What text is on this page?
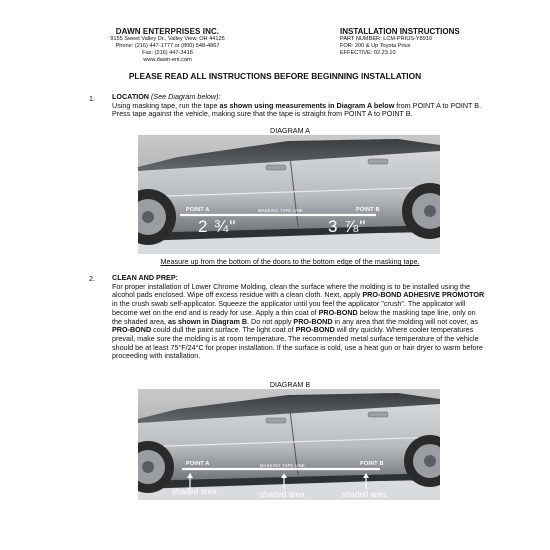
DAWN ENTERPRISES INC.
9155 Sweet Valley Dr., Valley View, OH 44125
Phone: (216) 447-1777 or (800) 548-4867
Fax: (216) 447-3416
www.dawn-ent.com
INSTALLATION INSTRUCTIONS
PART NUMBER: LCM-PRIUS-Y8910
FOR: 200 & Up Toyota Prius
EFFECTIVE: 02.23.10
PLEASE READ ALL INSTRUCTIONS BEFORE BEGINNING INSTALLATION
1. LOCATION (See Diagram below):
Using masking tape, run the tape as shown using measurements in Diagram A below from POINT A to POINT B. Press tape against the vehicle, making sure that the tape is straight from POINT A to POINT B.
DIAGRAM A
POINT A	POINT B
MASKING TAPE LINE
2 ¾"	3 ⅞"
Measure up from the bottom of the doors to the bottom edge of the masking tape.
2. CLEAN AND PREP:
For proper installation of Lower Chrome Molding, clean the surface where the molding is to be installed using the alcohol pads enclosed. Wipe off excess residue with a clean cloth. Next, apply PRO-BOND ADHESIVE PROMOTOR in the crush swab self-applicator. Squeeze the applicator until you feel the applicator "crush". The applicator will become wet on the end and is ready for use. Apply a thin coat of PRO-BOND below the masking tape line, only on the shaded area, as shown in Diagram B. Do not apply PRO-BOND in any area that the molding will not cover, as PRO-BOND could dull the paint surface. The light coat of PRO-BOND will dry quickly. Where cooler temperatures prevail, make sure the molding is at room temperature. The recommended metal surface temperature of the vehicle should be at least 75°F/24°C for proper installation. If the surface is cold, use a heat gun or hair dryer to warm before proceeding with installation.
DIAGRAM B
POINT A	POINT B
MASKING TAPE LINE
shaded area	shaded area	shaded area
